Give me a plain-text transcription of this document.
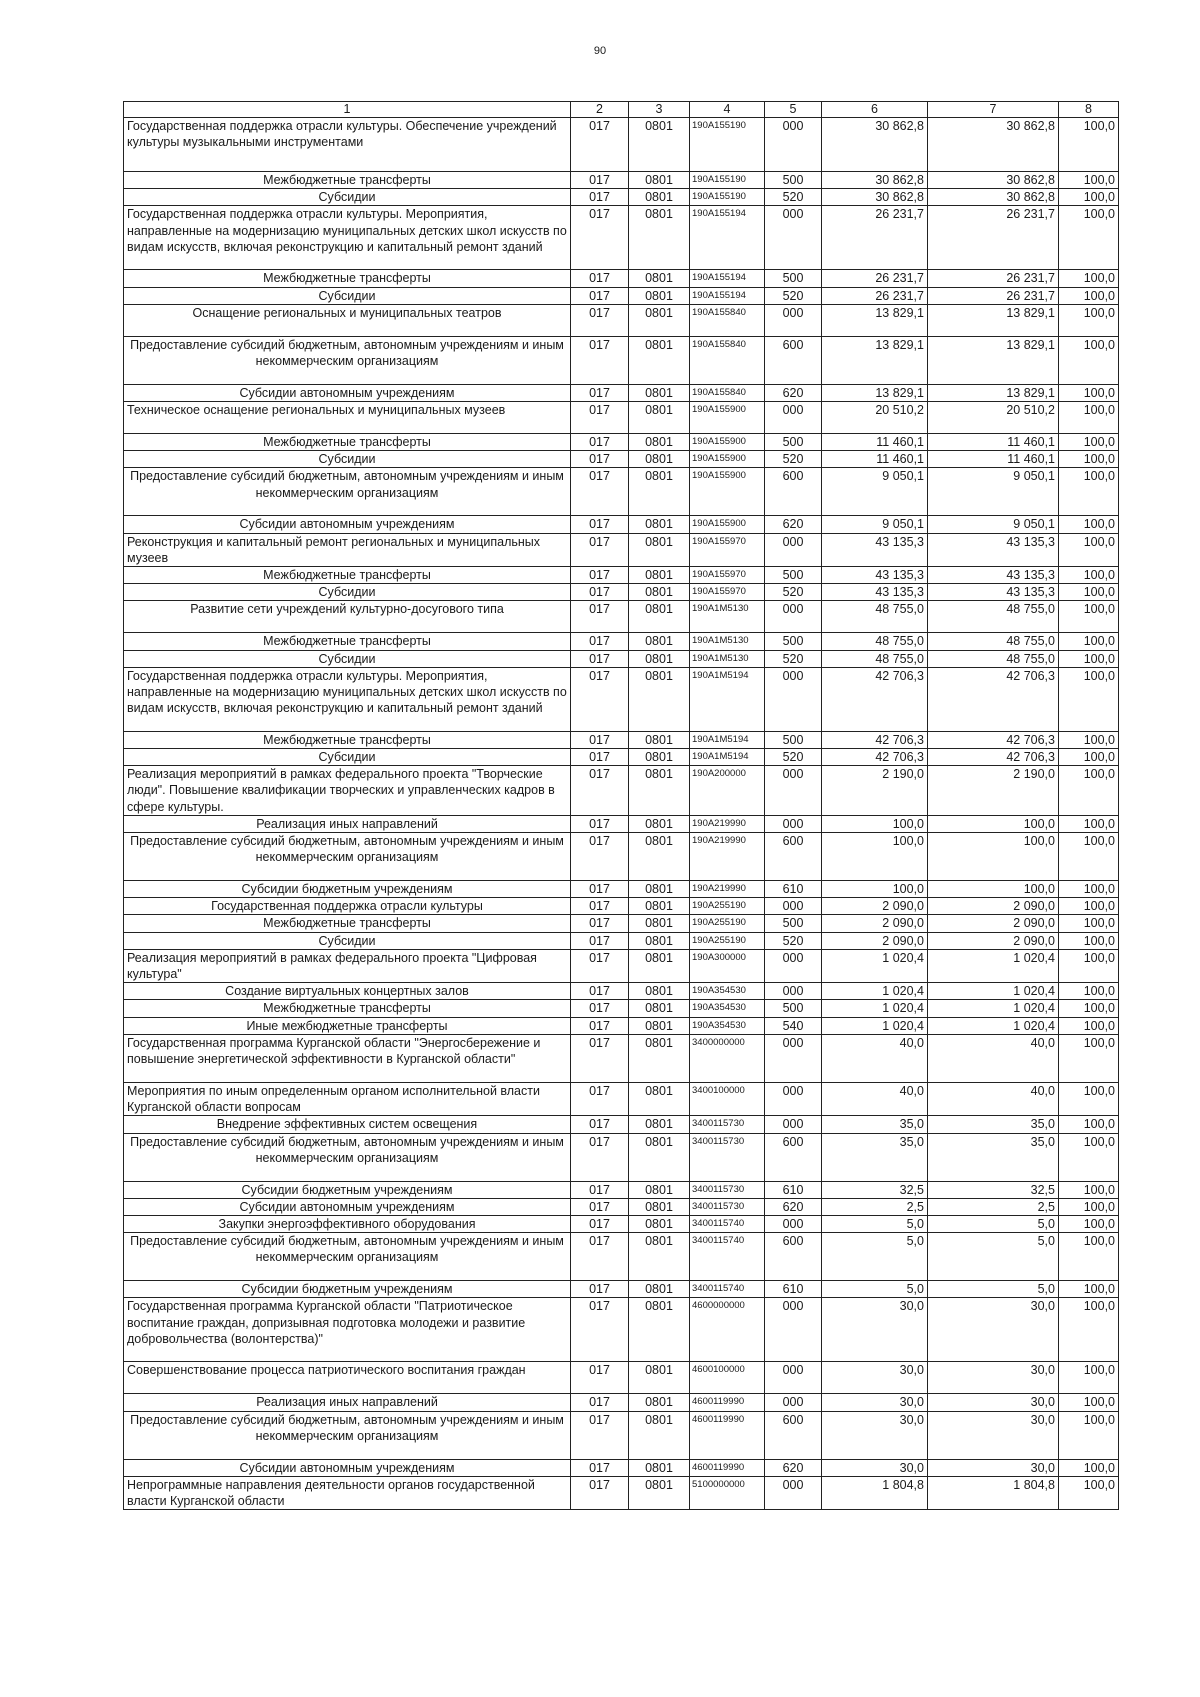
90
1	2	3	4	5	6	7	8
Государственная поддержка отрасли культуры. Обеспечение учреждений культуры музыкальными инструментами	017	0801	190A155190	000	30 862,8	30 862,8	100,0
Межбюджетные трансферты	017	0801	190A155190	500	30 862,8	30 862,8	100,0
Субсидии	017	0801	190A155190	520	30 862,8	30 862,8	100,0
Государственная поддержка отрасли культуры. Мероприятия, направленные на модернизацию муниципальных детских школ искусств по видам искусств, включая реконструкцию и капитальный ремонт зданий	017	0801	190A155194	000	26 231,7	26 231,7	100,0
Межбюджетные трансферты	017	0801	190A155194	500	26 231,7	26 231,7	100,0
Субсидии	017	0801	190A155194	520	26 231,7	26 231,7	100,0
Оснащение региональных и муниципальных театров	017	0801	190A155840	000	13 829,1	13 829,1	100,0
Предоставление субсидий бюджетным, автономным учреждениям и иным некоммерческим организациям	017	0801	190A155840	600	13 829,1	13 829,1	100,0
Субсидии автономным учреждениям	017	0801	190A155840	620	13 829,1	13 829,1	100,0
Техническое оснащение региональных и муниципальных музеев	017	0801	190A155900	000	20 510,2	20 510,2	100,0
Межбюджетные трансферты	017	0801	190A155900	500	11 460,1	11 460,1	100,0
Субсидии	017	0801	190A155900	520	11 460,1	11 460,1	100,0
Предоставление субсидий бюджетным, автономным учреждениям и иным некоммерческим организациям	017	0801	190A155900	600	9 050,1	9 050,1	100,0
Субсидии автономным учреждениям	017	0801	190A155900	620	9 050,1	9 050,1	100,0
Реконструкция и капитальный ремонт региональных и муниципальных музеев	017	0801	190A155970	000	43 135,3	43 135,3	100,0
Межбюджетные трансферты	017	0801	190A155970	500	43 135,3	43 135,3	100,0
Субсидии	017	0801	190A155970	520	43 135,3	43 135,3	100,0
Развитие сети учреждений культурно-досугового типа	017	0801	190A1M5130	000	48 755,0	48 755,0	100,0
Межбюджетные трансферты	017	0801	190A1M5130	500	48 755,0	48 755,0	100,0
Субсидии	017	0801	190A1M5130	520	48 755,0	48 755,0	100,0
Государственная поддержка отрасли культуры. Мероприятия, направленные на модернизацию муниципальных детских школ искусств по видам искусств, включая реконструкцию и капитальный ремонт зданий	017	0801	190A1M5194	000	42 706,3	42 706,3	100,0
Межбюджетные трансферты	017	0801	190A1M5194	500	42 706,3	42 706,3	100,0
Субсидии	017	0801	190A1M5194	520	42 706,3	42 706,3	100,0
Реализация мероприятий в рамках федерального проекта "Творческие люди". Повышение квалификации творческих и управленческих кадров в сфере культуры.	017	0801	190A200000	000	2 190,0	2 190,0	100,0
Реализация иных направлений	017	0801	190A219990	000	100,0	100,0	100,0
Предоставление субсидий бюджетным, автономным учреждениям и иным некоммерческим организациям	017	0801	190A219990	600	100,0	100,0	100,0
Субсидии бюджетным учреждениям	017	0801	190A219990	610	100,0	100,0	100,0
Государственная поддержка отрасли культуры	017	0801	190A255190	000	2 090,0	2 090,0	100,0
Межбюджетные трансферты	017	0801	190A255190	500	2 090,0	2 090,0	100,0
Субсидии	017	0801	190A255190	520	2 090,0	2 090,0	100,0
Реализация мероприятий в рамках федерального проекта "Цифровая культура"	017	0801	190A300000	000	1 020,4	1 020,4	100,0
Создание виртуальных концертных залов	017	0801	190A354530	000	1 020,4	1 020,4	100,0
Межбюджетные трансферты	017	0801	190A354530	500	1 020,4	1 020,4	100,0
Иные межбюджетные трансферты	017	0801	190A354530	540	1 020,4	1 020,4	100,0
Государственная программа Курганской области "Энергосбережение и повышение энергетической эффективности в Курганской области"	017	0801	3400000000	000	40,0	40,0	100,0
Мероприятия по иным определенным органом исполнительной власти Курганской области вопросам	017	0801	3400100000	000	40,0	40,0	100,0
Внедрение эффективных систем освещения	017	0801	3400115730	000	35,0	35,0	100,0
Предоставление субсидий бюджетным, автономным учреждениям и иным некоммерческим организациям	017	0801	3400115730	600	35,0	35,0	100,0
Субсидии бюджетным учреждениям	017	0801	3400115730	610	32,5	32,5	100,0
Субсидии автономным учреждениям	017	0801	3400115730	620	2,5	2,5	100,0
Закупки энергоэффективного оборудования	017	0801	3400115740	000	5,0	5,0	100,0
Предоставление субсидий бюджетным, автономным учреждениям и иным некоммерческим организациям	017	0801	3400115740	600	5,0	5,0	100,0
Субсидии бюджетным учреждениям	017	0801	3400115740	610	5,0	5,0	100,0
Государственная программа Курганской области "Патриотическое воспитание граждан, допризывная подготовка молодежи и развитие добровольчества (волонтерства)"	017	0801	4600000000	000	30,0	30,0	100,0
Совершенствование процесса патриотического воспитания граждан	017	0801	4600100000	000	30,0	30,0	100,0
Реализация иных направлений	017	0801	4600119990	000	30,0	30,0	100,0
Предоставление субсидий бюджетным, автономным учреждениям и иным некоммерческим организациям	017	0801	4600119990	600	30,0	30,0	100,0
Субсидии автономным учреждениям	017	0801	4600119990	620	30,0	30,0	100,0
Непрограммные направления деятельности органов государственной власти Курганской области	017	0801	5100000000	000	1 804,8	1 804,8	100,0
